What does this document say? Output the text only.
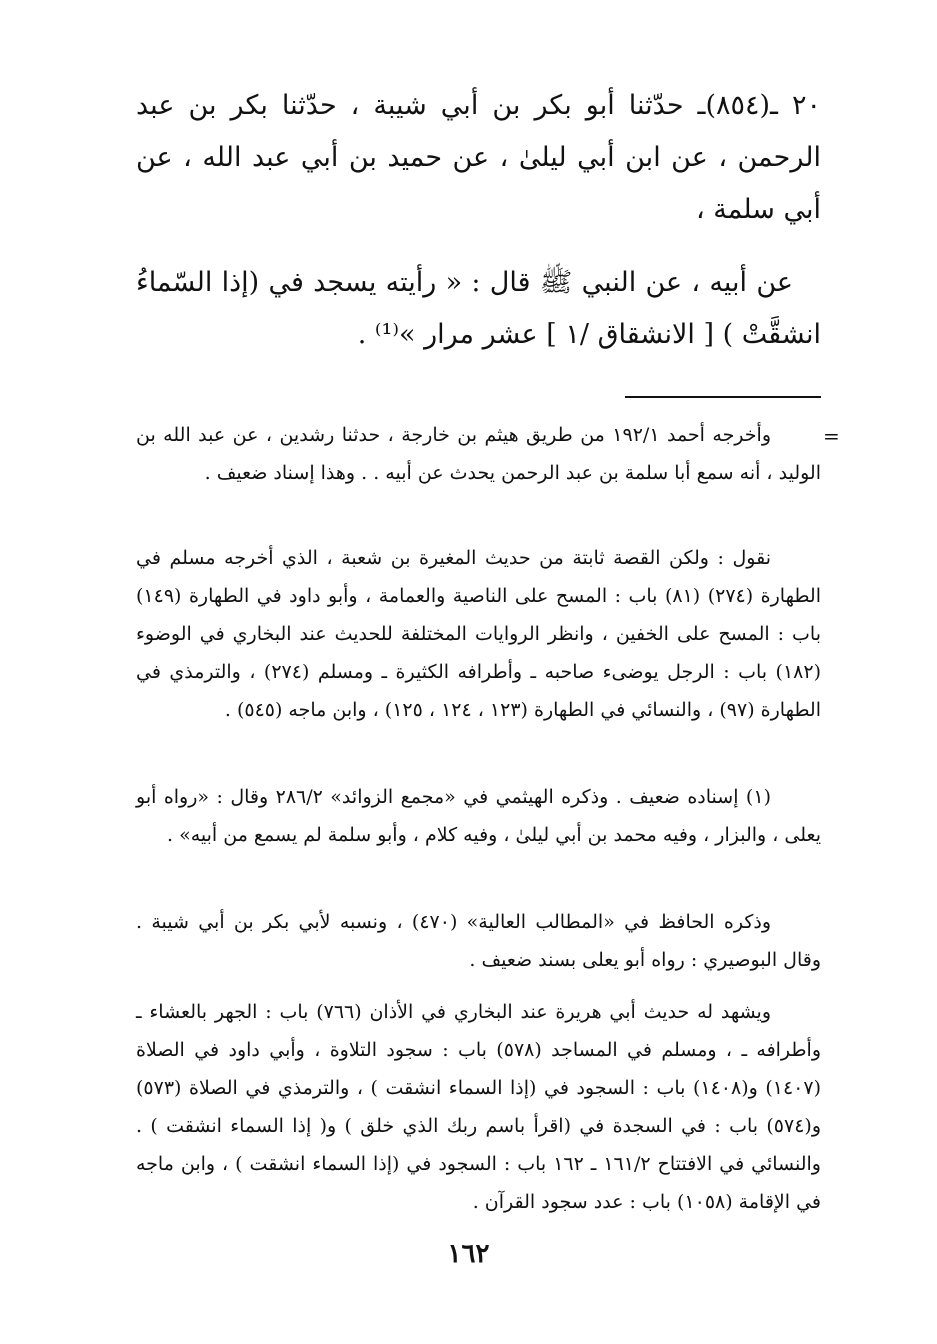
٢٠ ـ(٨٥٤)ـ حدّثنا أبو بكر بن أبي شيبة ، حدّثنا بكر بن عبد الرحمن ، عن ابن أبي ليلىٰ ، عن حميد بن أبي عبد الله ، عن أبي سلمة ،

عن أبيه ، عن النبي ﷺ قال : « رأيته يسجد في (إذا السّماءُ انشقَّتْ ) [ الانشقاق /١ ] عشر مرار »⁽¹⁾ .

=

وأخرجه أحمد ١٩٢/١ من طريق هيثم بن خارجة ، حدثنا رشدين ، عن عبد الله بن الوليد ، أنه سمع أبا سلمة بن عبد الرحمن يحدث عن أبيه . . وهذا إسناد ضعيف .

نقول : ولكن القصة ثابتة من حديث المغيرة بن شعبة ، الذي أخرجه مسلم في الطهارة (٢٧٤) (٨١) باب : المسح على الناصية والعمامة ، وأبو داود في الطهارة (١٤٩) باب : المسح على الخفين ، وانظر الروايات المختلفة للحديث عند البخاري في الوضوء (١٨٢) باب : الرجل يوضىء صاحبه ـ وأطرافه الكثيرة ـ ومسلم (٢٧٤) ، والترمذي في الطهارة (٩٧) ، والنسائي في الطهارة (١٢٣ ، ١٢٤ ، ١٢٥) ، وابن ماجه (٥٤٥) .

(١) إسناده ضعيف . وذكره الهيثمي في «مجمع الزوائد» ٢٨٦/٢ وقال : «رواه أبو يعلى ، والبزار ، وفيه محمد بن أبي ليلىٰ ، وفيه كلام ، وأبو سلمة لم يسمع من أبيه» .

وذكره الحافظ في «المطالب العالية» (٤٧٠) ، ونسبه لأبي بكر بن أبي شيبة . وقال البوصيري : رواه أبو يعلى بسند ضعيف .

ويشهد له حديث أبي هريرة عند البخاري في الأذان (٧٦٦) باب : الجهر بالعشاء ـ وأطرافه ـ ، ومسلم في المساجد (٥٧٨) باب : سجود التلاوة ، وأبي داود في الصلاة (١٤٠٧) و(١٤٠٨) باب : السجود في (إذا السماء انشقت ) ، والترمذي في الصلاة (٥٧٣) و(٥٧٤) باب : في السجدة في (اقرأ باسم ربك الذي خلق ) و( إذا السماء انشقت ) . والنسائي في الافتتاح ١٦١/٢ ـ ١٦٢ باب : السجود في (إذا السماء انشقت ) ، وابن ماجه في الإقامة (١٠٥٨) باب : عدد سجود القرآن .

١٦٢
